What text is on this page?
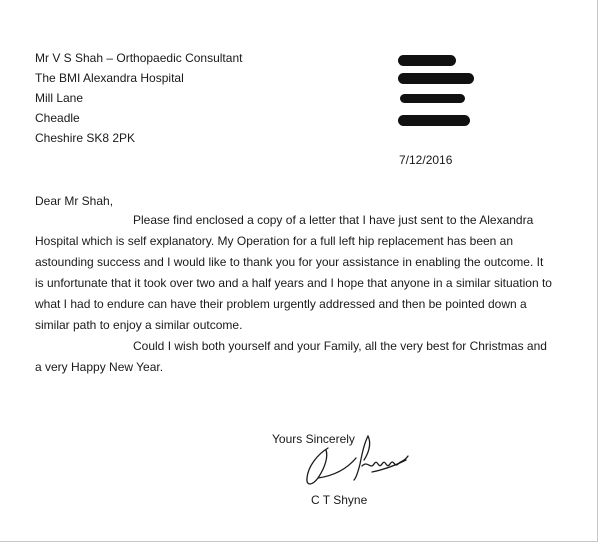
Mr V S Shah – Orthopaedic Consultant

The BMI Alexandra Hospital

Mill Lane

Cheadle

Cheshire SK8 2PK

7/12/2016

Dear Mr Shah,

Please find enclosed a copy of a letter that I have just sent to the Alexandra Hospital which is self explanatory. My Operation for a full left hip replacement has been an astounding success and I would like to thank you for your assistance in enabling the outcome. It is unfortunate that it took over two and a half years and I hope that anyone in a similar situation to what I had to endure can have their problem urgently addressed and then be pointed down a similar path to enjoy a similar outcome.

Could I wish both yourself and your Family, all the very best for Christmas and a very Happy New Year.

Yours Sincerely

C T Shyne
